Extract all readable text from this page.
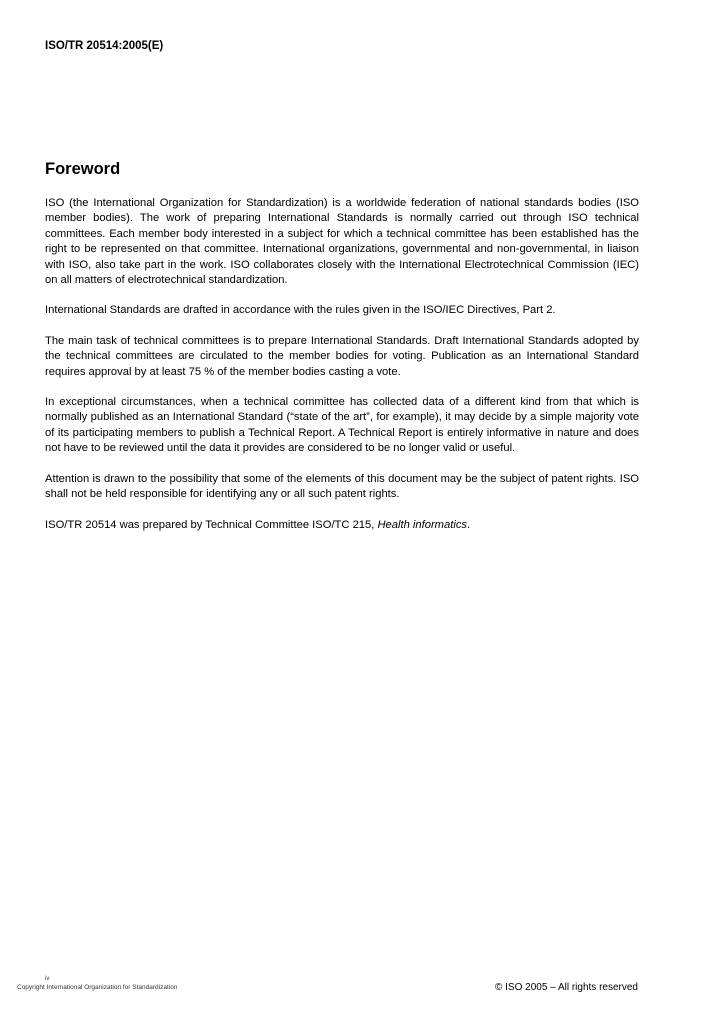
ISO/TR 20514:2005(E)
Foreword

ISO (the International Organization for Standardization) is a worldwide federation of national standards bodies (ISO member bodies). The work of preparing International Standards is normally carried out through ISO technical committees. Each member body interested in a subject for which a technical committee has been established has the right to be represented on that committee. International organizations, governmental and non-governmental, in liaison with ISO, also take part in the work. ISO collaborates closely with the International Electrotechnical Commission (IEC) on all matters of electrotechnical standardization.

International Standards are drafted in accordance with the rules given in the ISO/IEC Directives, Part 2.

The main task of technical committees is to prepare International Standards. Draft International Standards adopted by the technical committees are circulated to the member bodies for voting. Publication as an International Standard requires approval by at least 75 % of the member bodies casting a vote.

In exceptional circumstances, when a technical committee has collected data of a different kind from that which is normally published as an International Standard (“state of the art”, for example), it may decide by a simple majority vote of its participating members to publish a Technical Report. A Technical Report is entirely informative in nature and does not have to be reviewed until the data it provides are considered to be no longer valid or useful.

Attention is drawn to the possibility that some of the elements of this document may be the subject of patent rights. ISO shall not be held responsible for identifying any or all such patent rights.

ISO/TR 20514 was prepared by Technical Committee ISO/TC 215, Health informatics.

iv
Copyright International Organization for Standardization	© ISO 2005 – All rights reserved
